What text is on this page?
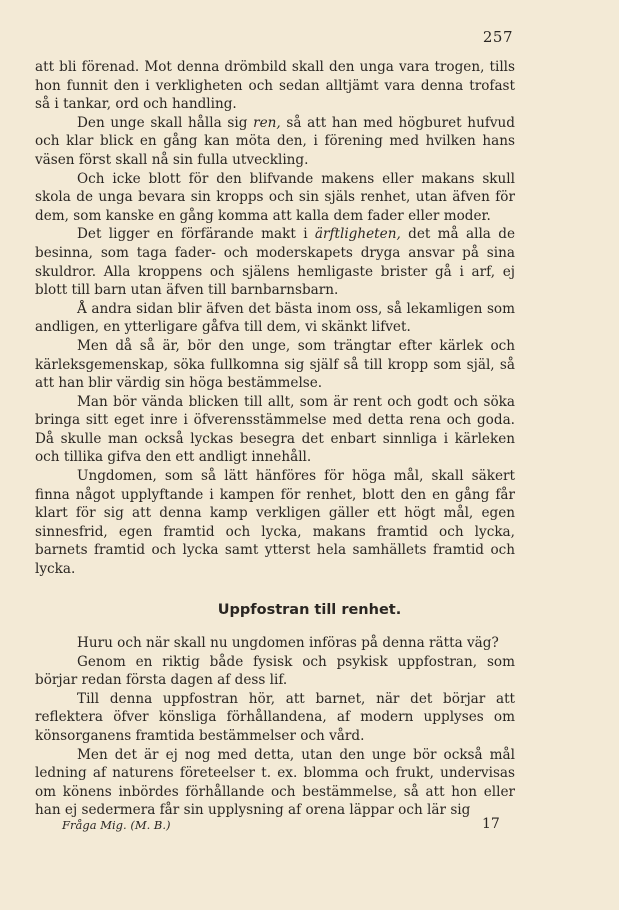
257

att bli förenad. Mot denna drömbild skall den unga vara trogen, tills hon funnit den i verkligheten och sedan alltjämt vara denna trofast så i tankar, ord och handling.

Den unge skall hålla sig ren, så att han med högburet hufvud och klar blick en gång kan möta den, i förening med hvilken hans väsen först skall nå sin fulla utveckling.

Och icke blott för den blifvande makens eller makans skull skola de unga bevara sin kropps och sin själs renhet, utan äfven för dem, som kanske en gång komma att kalla dem fader eller moder.

Det ligger en förfärande makt i ärftligheten, det må alla de besinna, som taga fader- och moderskapets dryga ansvar på sina skuldror. Alla kroppens och själens hemligaste brister gå i arf, ej blott till barn utan äfven till barnbarnsbarn.

Å andra sidan blir äfven det bästa inom oss, så lekamligen som andligen, en ytterligare gåfva till dem, vi skänkt lifvet.

Men då så är, bör den unge, som trängtar efter kärlek och kärleksgemenskap, söka fullkomna sig själf så till kropp som själ, så att han blir värdig sin höga bestämmelse.

Man bör vända blicken till allt, som är rent och godt och söka bringa sitt eget inre i öfverensstämmelse med detta rena och goda. Då skulle man också lyckas besegra det enbart sinnliga i kärleken och tillika gifva den ett andligt innehåll.

Ungdomen, som så lätt hänföres för höga mål, skall säkert finna något upplyftande i kampen för renhet, blott den en gång får klart för sig att denna kamp verkligen gäller ett högt mål, egen sinnesfrid, egen framtid och lycka, makans framtid och lycka, barnets framtid och lycka samt ytterst hela samhällets framtid och lycka.

Uppfostran till renhet.

Huru och när skall nu ungdomen införas på denna rätta väg?

Genom en riktig både fysisk och psykisk uppfostran, som börjar redan första dagen af dess lif.

Till denna uppfostran hör, att barnet, när det börjar att reflektera öfver könsliga förhållandena, af modern upplyses om könsorganens framtida bestämmelser och vård.

Men det är ej nog med detta, utan den unge bör också mål ledning af naturens företeelser t. ex. blomma och frukt, undervisas om könens inbördes förhållande och bestämmelse, så att hon eller han ej sedermera får sin upplysning af orena läppar och lär sig

Fråga Mig. (M. B.)	17
